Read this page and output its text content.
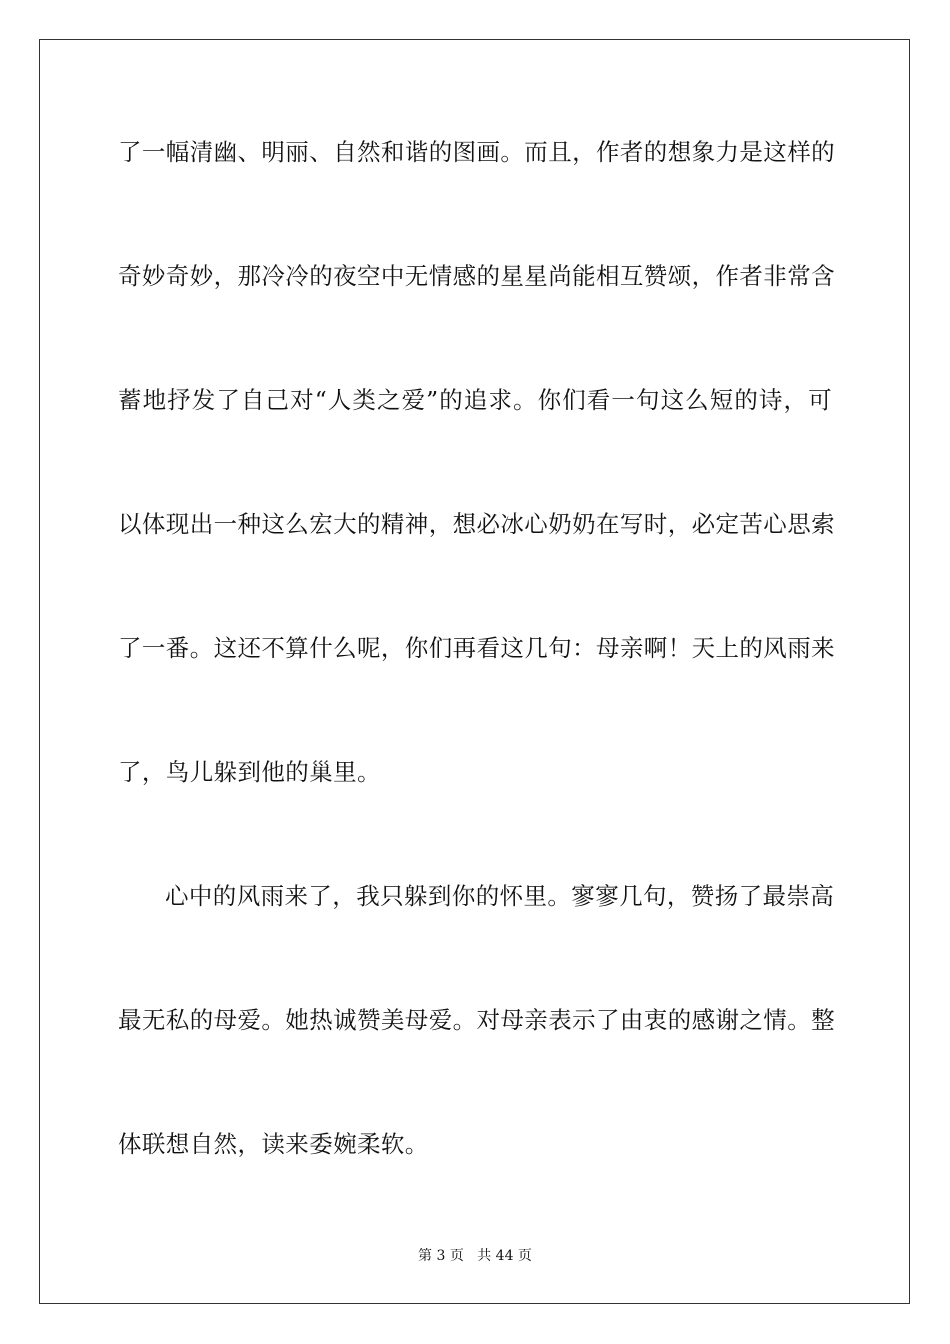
了一幅清幽、明丽、自然和谐的图画。而且，作者的想象力是这样的
奇妙奇妙，那冷冷的夜空中无情感的星星尚能相互赞颂，作者非常含
蓄地抒发了自己对“人类之爱”的追求。你们看一句这么短的诗，可
以体现出一种这么宏大的精神，想必冰心奶奶在写时，必定苦心思索
了一番。这还不算什么呢，你们再看这几句：母亲啊！天上的风雨来
了，鸟儿躲到他的巢里。
心中的风雨来了，我只躲到你的怀里。寥寥几句，赞扬了最崇高
最无私的母爱。她热诚赞美母爱。对母亲表示了由衷的感谢之情。整
体联想自然，读来委婉柔软。
第 3 页 共 44 页
